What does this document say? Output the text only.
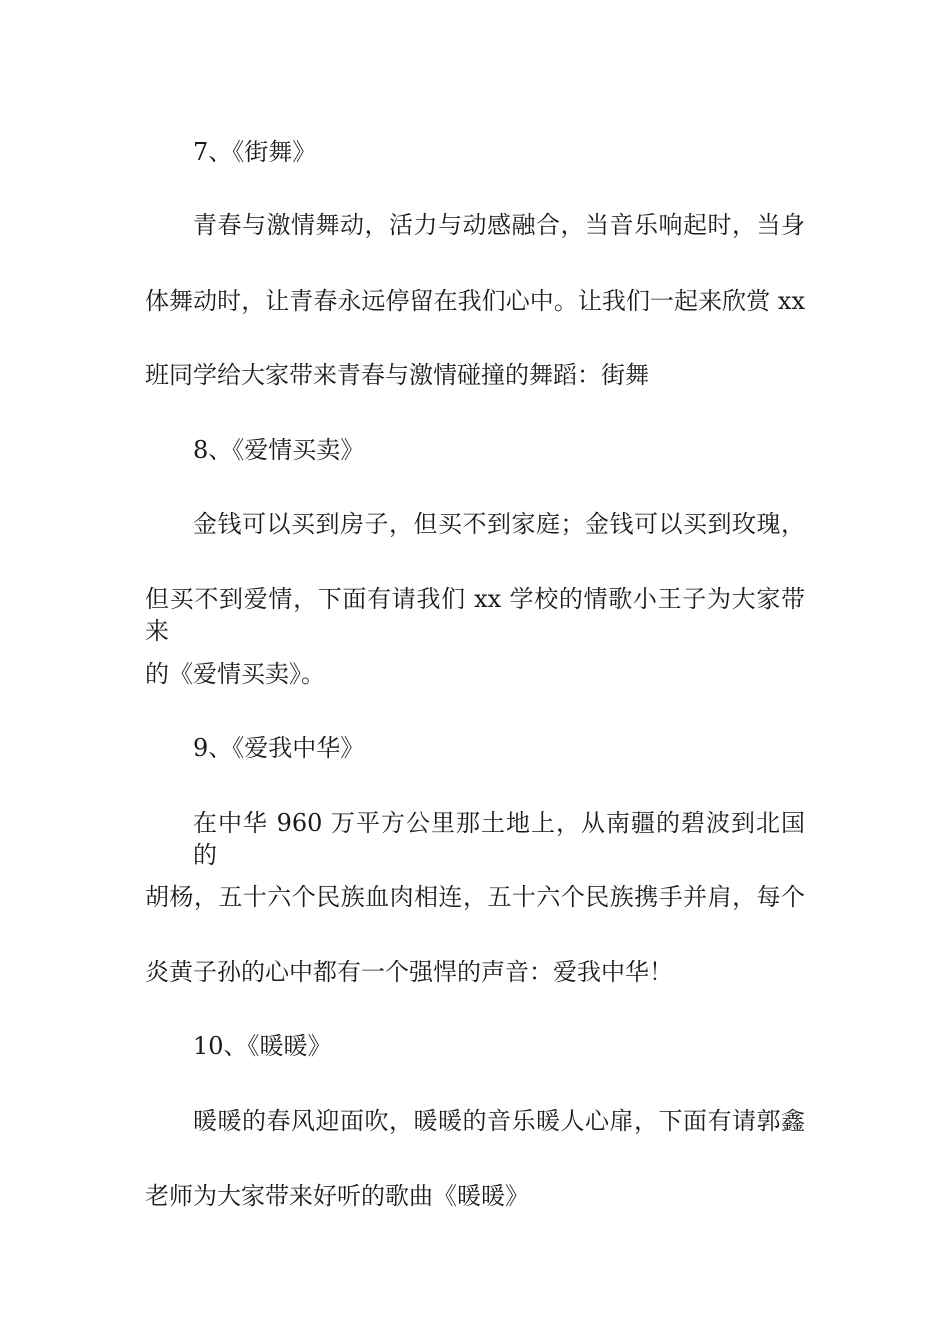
7、《街舞》
青春与激情舞动，活力与动感融合，当音乐响起时，当身
体舞动时，让青春永远停留在我们心中。让我们一起来欣赏 xx
班同学给大家带来青春与激情碰撞的舞蹈：街舞
8、《爱情买卖》
金钱可以买到房子，但买不到家庭；金钱可以买到玫瑰，
但买不到爱情，下面有请我们 xx 学校的情歌小王子为大家带来
的《爱情买卖》。
9、《爱我中华》
在中华 960 万平方公里那土地上，从南疆的碧波到北国的
胡杨，五十六个民族血肉相连，五十六个民族携手并肩，每个
炎黄子孙的心中都有一个强悍的声音：爱我中华！
10、《暖暖》
暖暖的春风迎面吹，暖暖的音乐暖人心扉，下面有请郭鑫
老师为大家带来好听的歌曲《暖暖》
